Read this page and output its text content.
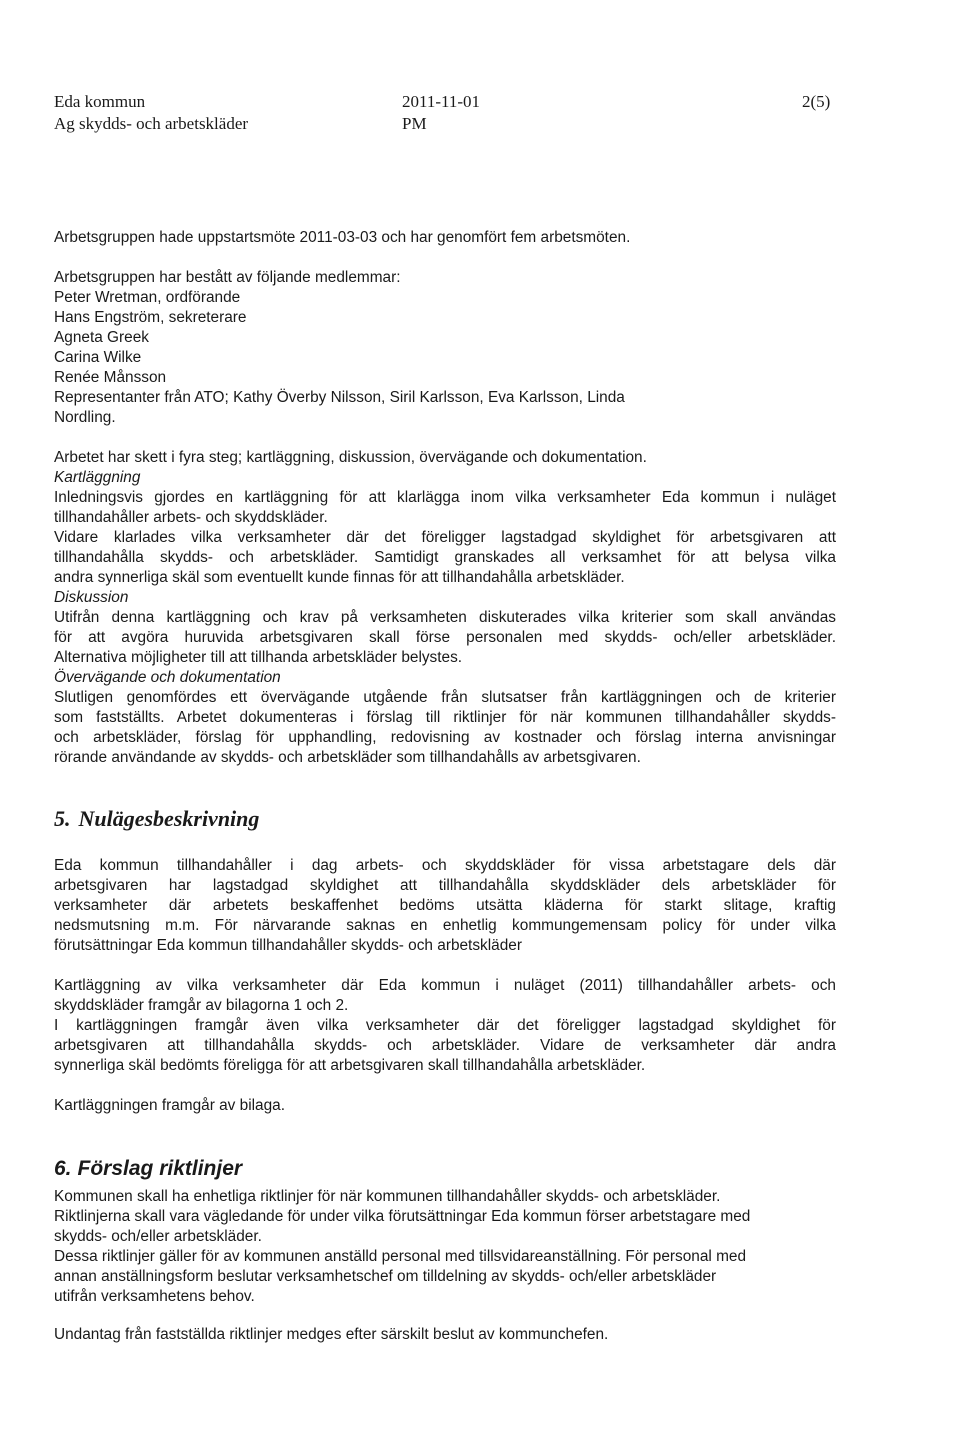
Eda kommun
Ag skydds- och arbetskläder
2011-11-01
PM
2(5)
Arbetsgruppen hade uppstartsmöte 2011-03-03 och har genomfört fem arbetsmöten.
Arbetsgruppen har bestått av följande medlemmar:
Peter Wretman, ordförande
Hans Engström, sekreterare
Agneta Greek
Carina Wilke
Renée Månsson
Representanter från ATO; Kathy Överby Nilsson, Siril Karlsson, Eva Karlsson, Linda
Nordling.
Arbetet har skett i fyra steg; kartläggning, diskussion, övervägande och dokumentation.
Kartläggning
Inledningsvis gjordes en kartläggning för att klarlägga inom vilka verksamheter Eda kommun i nuläget
tillhandahåller arbets- och skyddskläder.
Vidare klarlades vilka verksamheter där det föreligger lagstadgad skyldighet för arbetsgivaren att
tillhandahålla skydds- och arbetskläder. Samtidigt granskades all verksamhet för att belysa vilka
andra synnerliga skäl som eventuellt kunde finnas för att tillhandahålla arbetskläder.
Diskussion
Utifrån denna kartläggning och krav på verksamheten diskuterades vilka kriterier som skall användas
för att avgöra huruvida arbetsgivaren skall förse personalen med skydds- och/eller arbetskläder.
Alternativa möjligheter till att tillhanda arbetskläder belystes.
Övervägande och dokumentation
Slutligen genomfördes ett övervägande utgående från slutsatser från kartläggningen och de kriterier
som fastställts. Arbetet dokumenteras i förslag till riktlinjer för när kommunen tillhandahåller skydds-
och arbetskläder, förslag för upphandling, redovisning av kostnader och förslag interna anvisningar
rörande användande av skydds- och arbetskläder som tillhandahålls av arbetsgivaren.
5. Nulägesbeskrivning
Eda kommun tillhandahåller i dag arbets- och skyddskläder för vissa arbetstagare dels där
arbetsgivaren har lagstadgad skyldighet att tillhandahålla skyddskläder dels arbetskläder för
verksamheter där arbetets beskaffenhet bedöms utsätta kläderna för starkt slitage, kraftig
nedsmutsning m.m. För närvarande saknas en enhetlig kommungemensam policy för under vilka
förutsättningar Eda kommun tillhandahåller skydds- och arbetskläder
Kartläggning av vilka verksamheter där Eda kommun i nuläget (2011) tillhandahåller arbets- och
skyddskläder framgår av bilagorna 1 och 2.
I kartläggningen framgår även vilka verksamheter där det föreligger lagstadgad skyldighet för
arbetsgivaren att tillhandahålla skydds- och arbetskläder. Vidare de verksamheter där andra
synnerliga skäl bedömts föreligga för att arbetsgivaren skall tillhandahålla arbetskläder.
Kartläggningen framgår av bilaga.
6. Förslag riktlinjer
Kommunen skall ha enhetliga riktlinjer för när kommunen tillhandahåller skydds- och arbetskläder.
Riktlinjerna skall vara vägledande för under vilka förutsättningar Eda kommun förser arbetstagare med
skydds- och/eller arbetskläder.
Dessa riktlinjer gäller för av kommunen anställd personal med tillsvidareanställning. För personal med
annan anställningsform beslutar verksamhetschef om tilldelning av skydds- och/eller arbetskläder
utifrån verksamhetens behov.
Undantag från fastställda riktlinjer medges efter särskilt beslut av kommunchefen.
